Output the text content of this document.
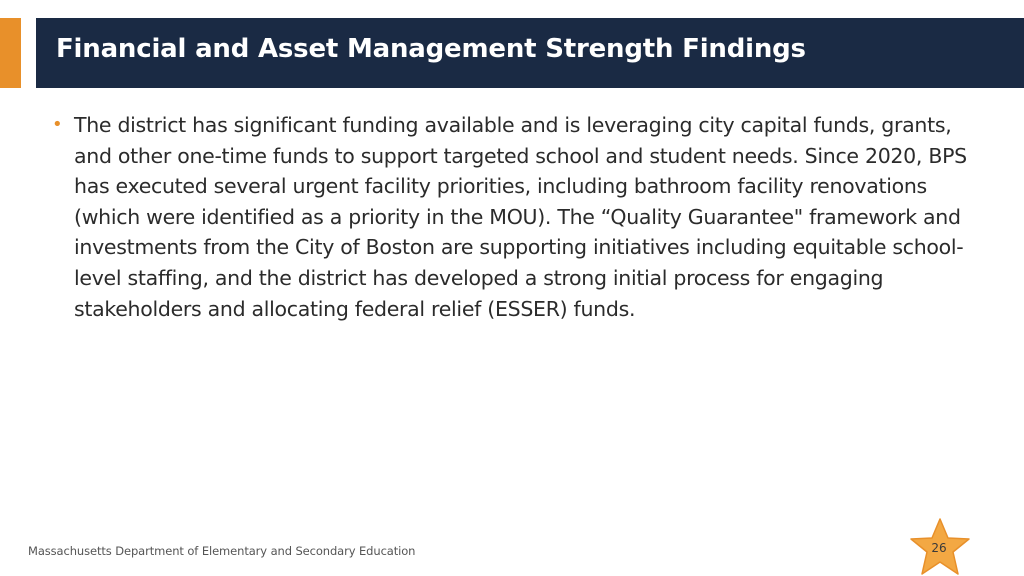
Financial and Asset Management Strength Findings
• The district has significant funding available and is leveraging city capital funds, grants, and other one-time funds to support targeted school and student needs. Since 2020, BPS has executed several urgent facility priorities, including bathroom facility renovations (which were identified as a priority in the MOU). The “Quality Guarantee" framework and investments from the City of Boston are supporting initiatives including equitable school-level staffing, and the district has developed a strong initial process for engaging stakeholders and allocating federal relief (ESSER) funds.
Massachusetts Department of Elementary and Secondary Education	26
